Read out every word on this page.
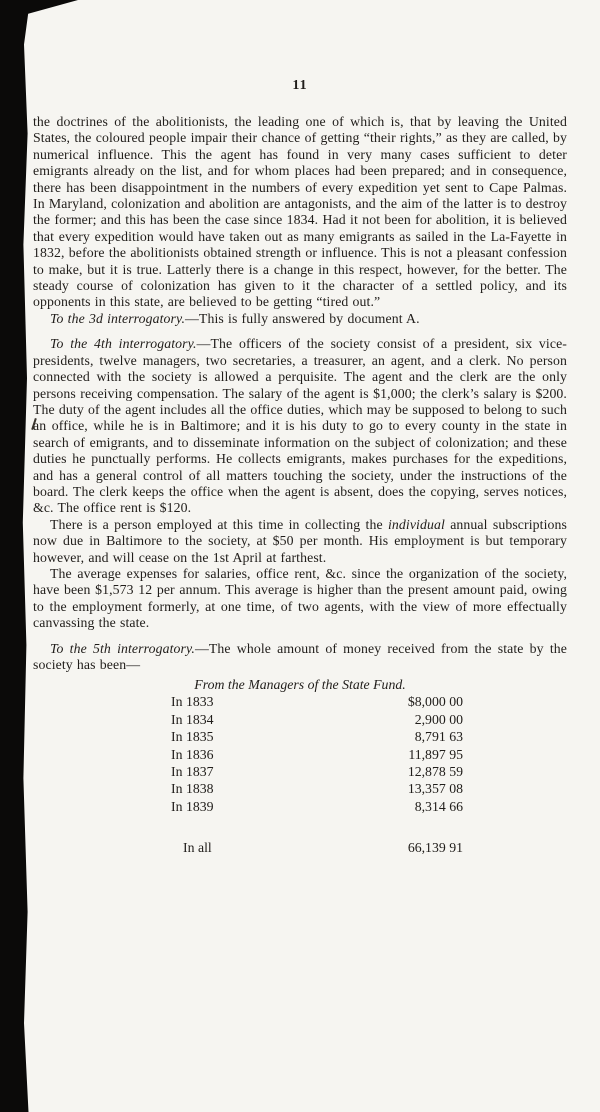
11

the doctrines of the abolitionists, the leading one of which is, that by leaving the United States, the coloured people impair their chance of getting “their rights,” as they are called, by numerical influence. This the agent has found in very many cases sufficient to deter emigrants already on the list, and for whom places had been prepared; and in consequence, there has been disappointment in the numbers of every expedition yet sent to Cape Palmas. In Maryland, colonization and abolition are antagonists, and the aim of the latter is to destroy the former; and this has been the case since 1834. Had it not been for abolition, it is believed that every expedition would have taken out as many emigrants as sailed in the La-Fayette in 1832, before the abolitionists obtained strength or influence. This is not a pleasant confession to make, but it is true. Latterly there is a change in this respect, however, for the better. The steady course of colonization has given to it the character of a settled policy, and its opponents in this state, are believed to be getting “tired out.”

To the 3d interrogatory.—This is fully answered by document A.

To the 4th interrogatory.—The officers of the society consist of a president, six vice-presidents, twelve managers, two secretaries, a treasurer, an agent, and a clerk. No person connected with the society is allowed a perquisite. The agent and the clerk are the only persons receiving compensation. The salary of the agent is $1,000; the clerk’s salary is $200. The duty of the agent includes all the office duties, which may be supposed to belong to such an office, while he is in Baltimore; and it is his duty to go to every county in the state in search of emigrants, and to disseminate information on the subject of colonization; and these duties he punctually performs. He collects emigrants, makes purchases for the expeditions, and has a general control of all matters touching the society, under the instructions of the board. The clerk keeps the office when the agent is absent, does the copying, serves notices, &c. The office rent is $120.

There is a person employed at this time in collecting the individual annual subscriptions now due in Baltimore to the society, at $50 per month. His employment is but temporary however, and will cease on the 1st April at farthest.

The average expenses for salaries, office rent, &c. since the organization of the society, have been $1,573 12 per annum. This average is higher than the present amount paid, owing to the employment formerly, at one time, of two agents, with the view of more effectually canvassing the state.

To the 5th interrogatory.—The whole amount of money received from the state by the society has been—

From the Managers of the State Fund.
In 1833	$8,000 00
In 1834	2,900 00
In 1835	8,791 63
In 1836	11,897 95
In 1837	12,878 59
In 1838	13,357 08
In 1839	8,314 66
In all	66,139 91
